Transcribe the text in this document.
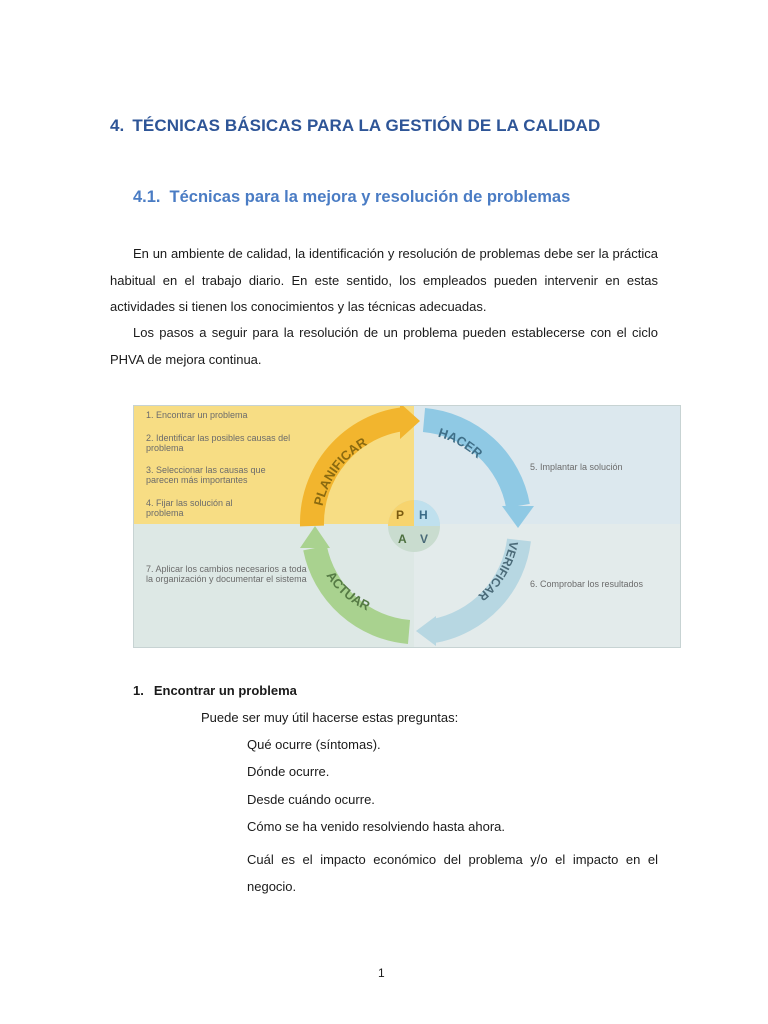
4. TÉCNICAS BÁSICAS PARA LA GESTIÓN DE LA CALIDAD
4.1. Técnicas para la mejora y resolución de problemas
En un ambiente de calidad, la identificación y resolución de problemas debe ser la práctica habitual en el trabajo diario. En este sentido, los empleados pueden intervenir en estas actividades si tienen los conocimientos y las técnicas adecuadas.
Los pasos a seguir para la resolución de un problema pueden establecerse con el ciclo PHVA de mejora continua.
1. Encontrar un problema
2. Identificar las posibles causas del problema
3. Seleccionar las causas que parecen más importantes
4. Fijar las solución al problema
5. Implantar la solución
6. Comprobar los resultados
7. Aplicar los cambios necesarios a toda la organización y documentar el sistema
PLANIFICAR
HACER
VERIFICAR
ACTUAR
P H
A V
1. Encontrar un problema
Puede ser muy útil hacerse estas preguntas:
Qué ocurre (síntomas).
Dónde ocurre.
Desde cuándo ocurre.
Cómo se ha venido resolviendo hasta ahora.
Cuál es el impacto económico del problema y/o el impacto en el negocio.
1
